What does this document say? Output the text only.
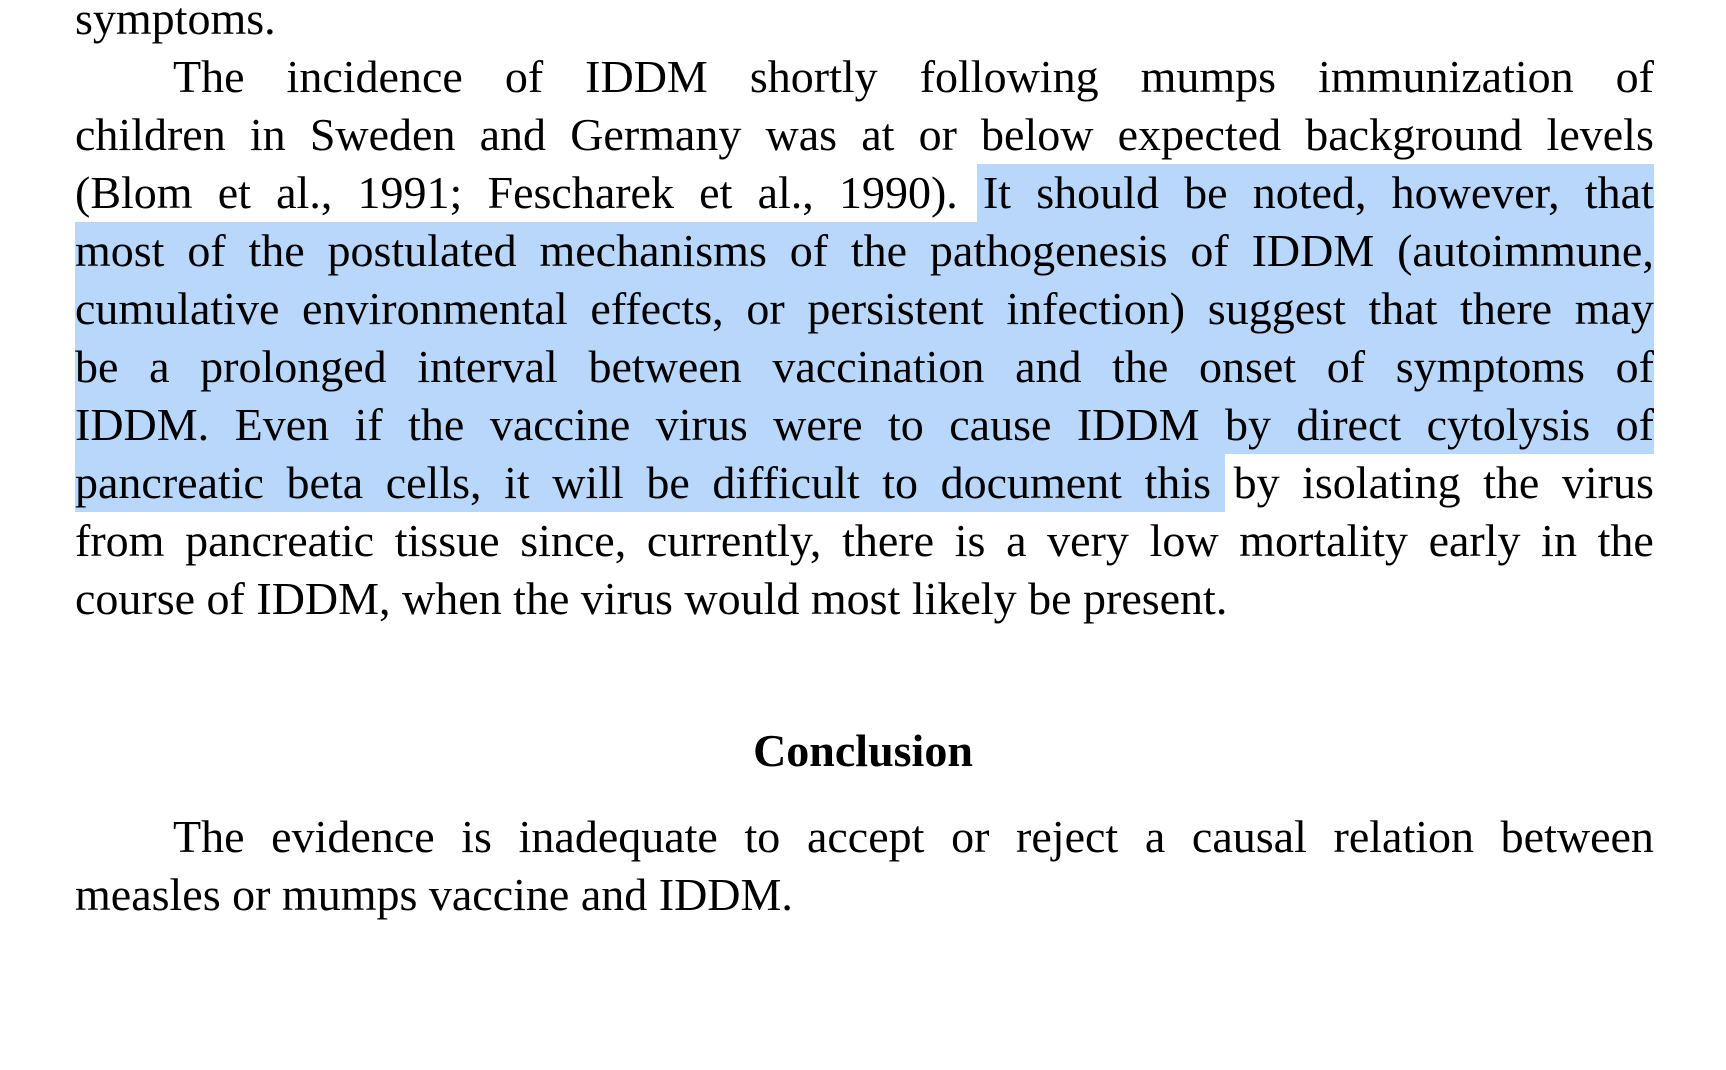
symptoms.
The incidence of IDDM shortly following mumps immunization of
children in Sweden and Germany was at or below expected background levels
(Blom et al., 1991; Fescharek et al., 1990). It should be noted, however, that
most of the postulated mechanisms of the pathogenesis of IDDM (autoimmune,
cumulative environmental effects, or persistent infection) suggest that there may
be a prolonged interval between vaccination and the onset of symptoms of
IDDM. Even if the vaccine virus were to cause IDDM by direct cytolysis of
pancreatic beta cells, it will be difficult to document this by isolating the virus
from pancreatic tissue since, currently, there is a very low mortality early in the
course of IDDM, when the virus would most likely be present.
Conclusion
The evidence is inadequate to accept or reject a causal relation between
measles or mumps vaccine and IDDM.
